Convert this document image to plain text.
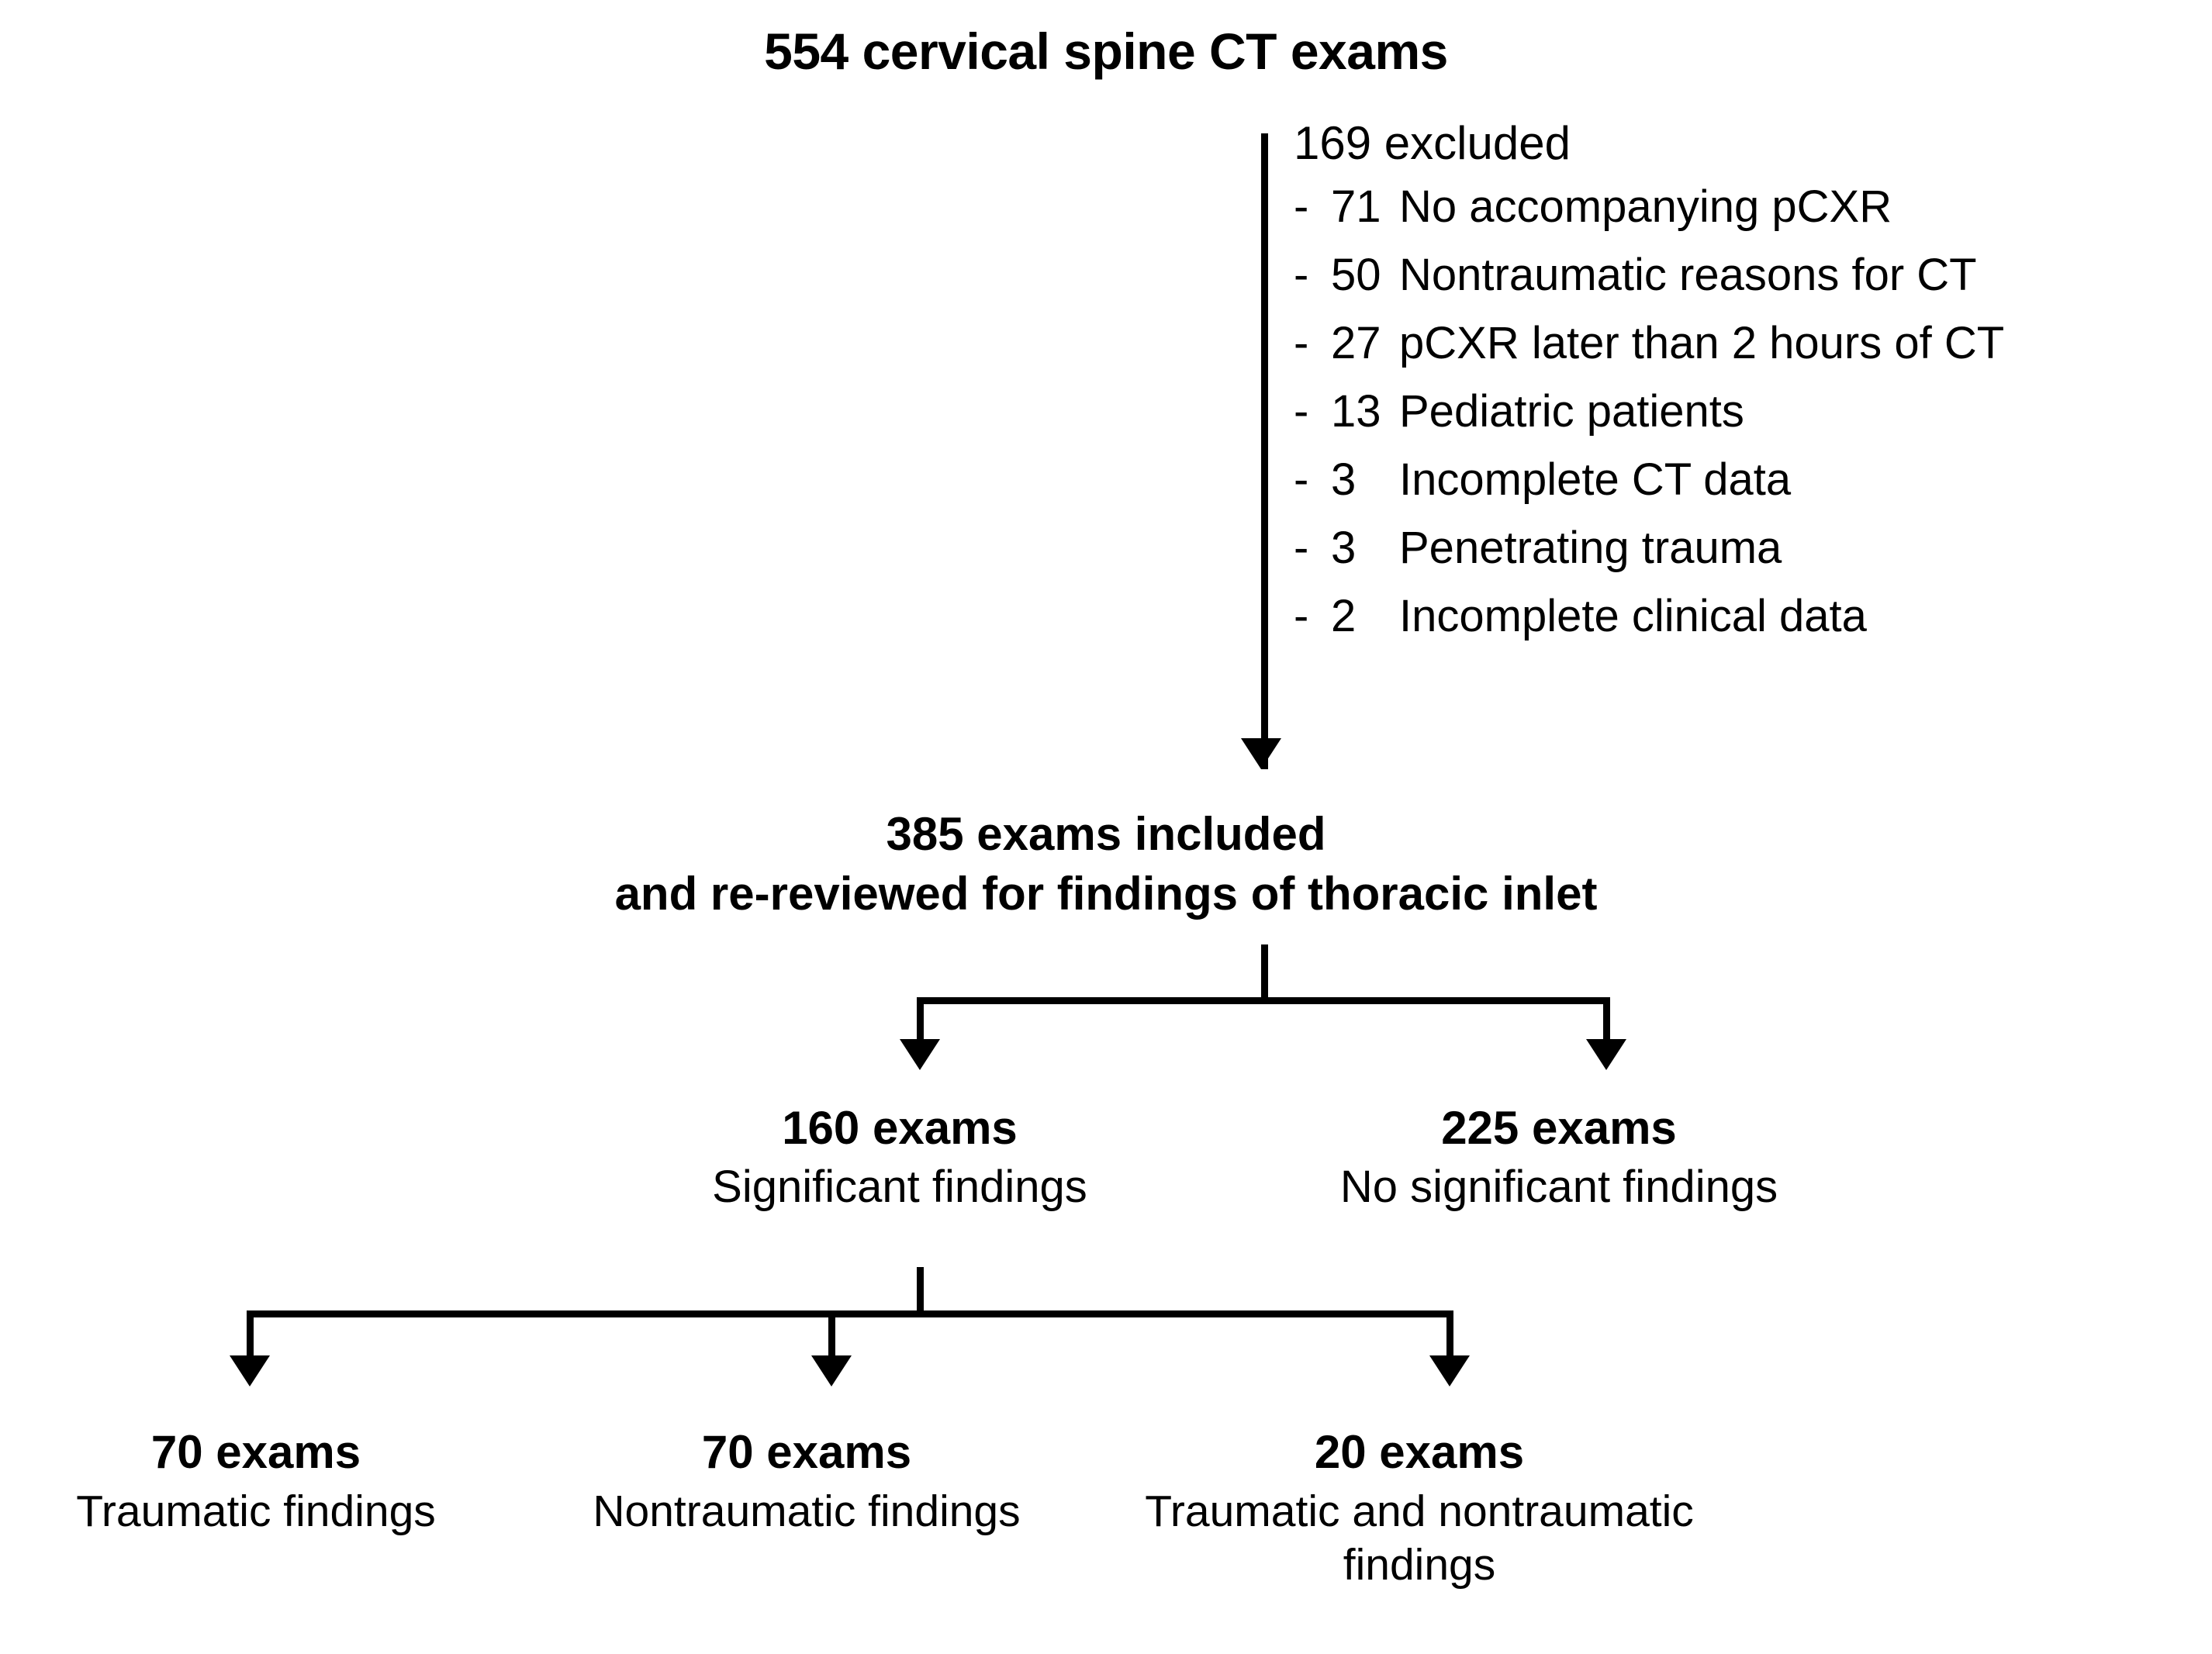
554 cervical spine CT exams
169 excluded
- 71 No accompanying pCXR
- 50 Nontraumatic reasons for CT
- 27 pCXR later than 2 hours of CT
- 13 Pediatric patients
- 3 Incomplete CT data
- 3 Penetrating trauma
- 2 Incomplete clinical data
385 exams included
and re-reviewed for findings of thoracic inlet
160 exams
Significant findings
225 exams
No significant findings
70 exams
Traumatic findings
70 exams
Nontraumatic findings
20 exams
Traumatic and nontraumatic findings
